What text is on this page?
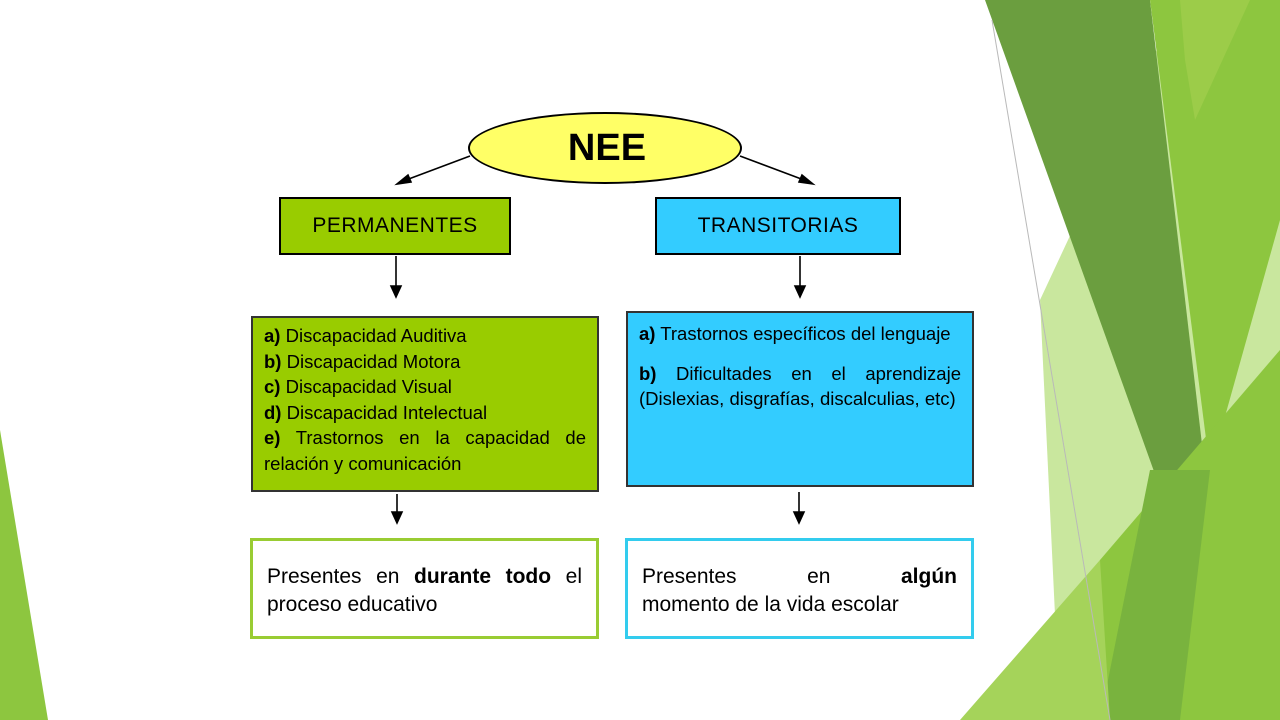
NEE
PERMANENTES	TRANSITORIAS
a) Discapacidad Auditiva
b) Discapacidad Motora
c) Discapacidad Visual
d) Discapacidad Intelectual
e) Trastornos en la capacidad de relación y comunicación
a) Trastornos específicos del lenguaje
b) Dificultades en el aprendizaje (Dislexias, disgrafías, discalculias, etc)
Presentes en durante todo el proceso educativo
Presentes	en	algún
momento de la vida escolar
